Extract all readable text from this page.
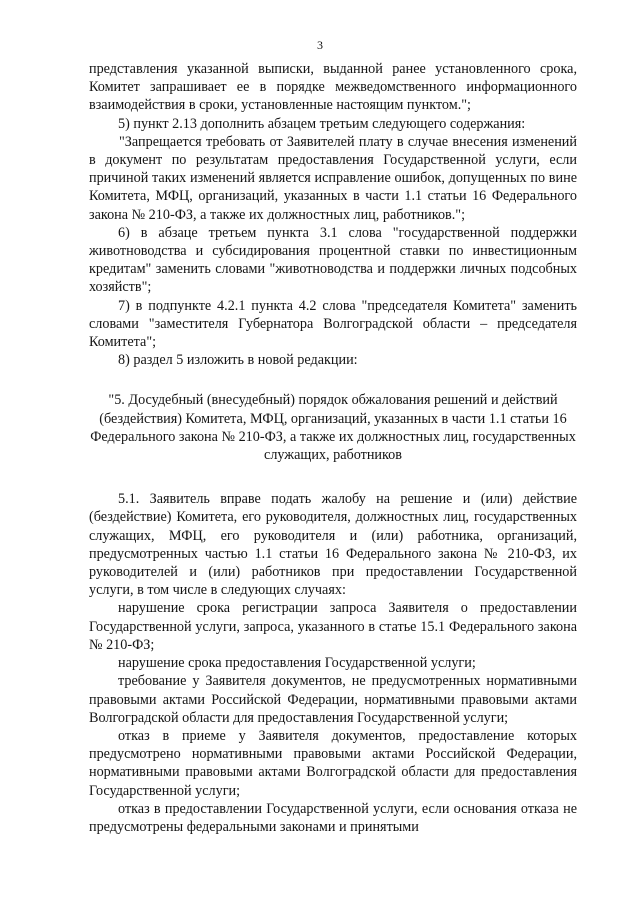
3

представления указанной выписки, выданной ранее установленного срока, Комитет запрашивает ее в порядке межведомственного информационного взаимодействия в сроки, установленные настоящим пунктом.";

5) пункт 2.13 дополнить абзацем третьим следующего содержания:

"Запрещается требовать от Заявителей плату в случае внесения изменений в документ по результатам предоставления Государственной услуги, если причиной таких изменений является исправление ошибок, допущенных по вине Комитета, МФЦ, организаций, указанных в части 1.1 статьи 16 Федерального закона № 210-ФЗ, а также их должностных лиц, работников.";

6) в абзаце третьем пункта 3.1 слова "государственной поддержки животноводства и субсидирования процентной ставки по инвестиционным кредитам" заменить словами "животноводства и поддержки личных подсобных хозяйств";

7) в подпункте 4.2.1 пункта 4.2 слова "председателя Комитета" заменить словами "заместителя Губернатора Волгоградской области – председателя Комитета";

8) раздел 5 изложить в новой редакции:

"5. Досудебный (внесудебный) порядок обжалования решений и действий (бездействия) Комитета, МФЦ, организаций, указанных в части 1.1 статьи 16 Федерального закона № 210-ФЗ, а также их должностных лиц, государственных служащих, работников

5.1. Заявитель вправе подать жалобу на решение и (или) действие (бездействие) Комитета, его руководителя, должностных лиц, государственных служащих, МФЦ, его руководителя и (или) работника, организаций, предусмотренных частью 1.1 статьи 16 Федерального закона № 210-ФЗ, их руководителей и (или) работников при предоставлении Государственной услуги, в том числе в следующих случаях:

нарушение срока регистрации запроса Заявителя о предоставлении Государственной услуги, запроса, указанного в статье 15.1 Федерального закона № 210-ФЗ;

нарушение срока предоставления Государственной услуги;

требование у Заявителя документов, не предусмотренных нормативными правовыми актами Российской Федерации, нормативными правовыми актами Волгоградской области для предоставления Государственной услуги;

отказ в приеме у Заявителя документов, предоставление которых предусмотрено нормативными правовыми актами Российской Федерации, нормативными правовыми актами Волгоградской области для предоставления Государственной услуги;

отказ в предоставлении Государственной услуги, если основания отказа не предусмотрены федеральными законами и принятыми
